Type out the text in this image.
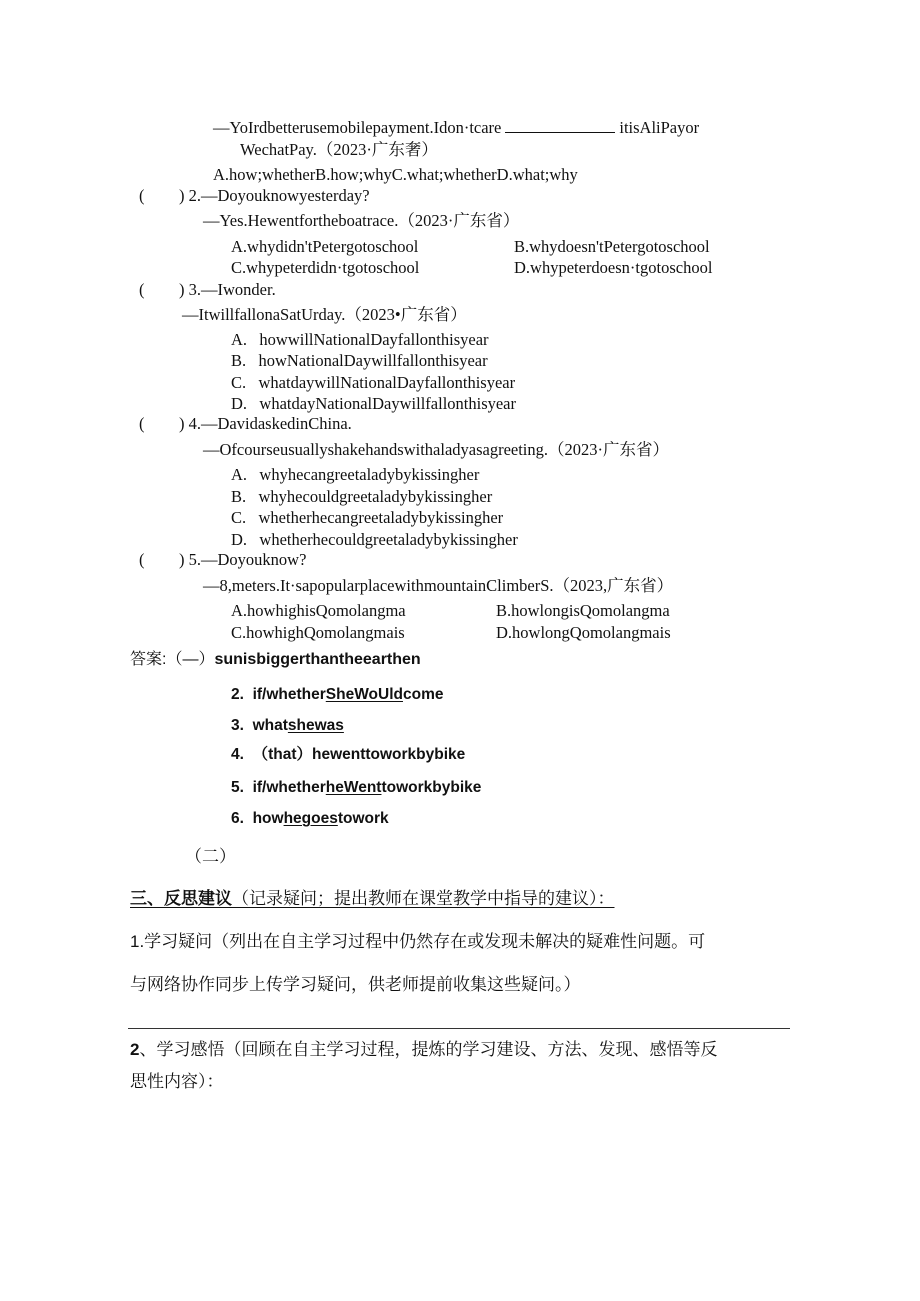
—YoIrdbetterusemobilepayment.Idon·tcare	itisAliPayor
WechatPay.（2023·广东奢）
A.how;whetherB.how;whyC.what;whetherD.what;why
( ) 2.—Doyouknowyesterday?
—Yes.Hewentfortheboatrace.（2023·广东省）
A.whydidn'tPetergotoschool	B.whydoesn'tPetergotoschool
C.whypeterdidn·tgotoschool	D.whypeterdoesn·tgotoschool
( ) 3.—Iwonder.
—ItwillfallonaSatUrday.（2023•广东省）
A.   howwillNationalDayfallonthisyear
B.   howNationalDaywillfallonthisyear
C.   whatdaywillNationalDayfallonthisyear
D.   whatdayNationalDaywillfallonthisyear
( ) 4.—DavidaskedinChina.
—Ofcourseusuallyshakehandswithaladyasagreeting.（2023·广东省）
A.   whyhecangreetaladybykissingher
B.   whyhecouldgreetaladybykissingher
C.   whetherhecangreetaladybykissingher
D.   whetherhecouldgreetaladybykissingher
( ) 5.—Doyouknow?
—8,meters.It·sapopularplacewithmountainClimberS.（2023,广东省）
A.howhighisQomolangma	B.howlongisQomolangma
C.howhighQomolangmais	D.howlongQomolangmais
答案:（—）sunisbiggerthantheearthen
2. if/whetherSheWoUldcome
3. whatshewas
4. （that）hewenttoworkbybike
5. if/whetherheWenttoworkbybike
6. howhegoestowork
（二）
三、反思建议（记录疑问；提出教师在课堂教学中指导的建议）：
1.学习疑问（列出在自主学习过程中仍然存在或发现未解决的疑难性问题。可
与网络协作同步上传学习疑问，供老师提前收集这些疑问。）
2、学习感悟（回顾在自主学习过程，提炼的学习建设、方法、发现、感悟等反
思性内容）：
